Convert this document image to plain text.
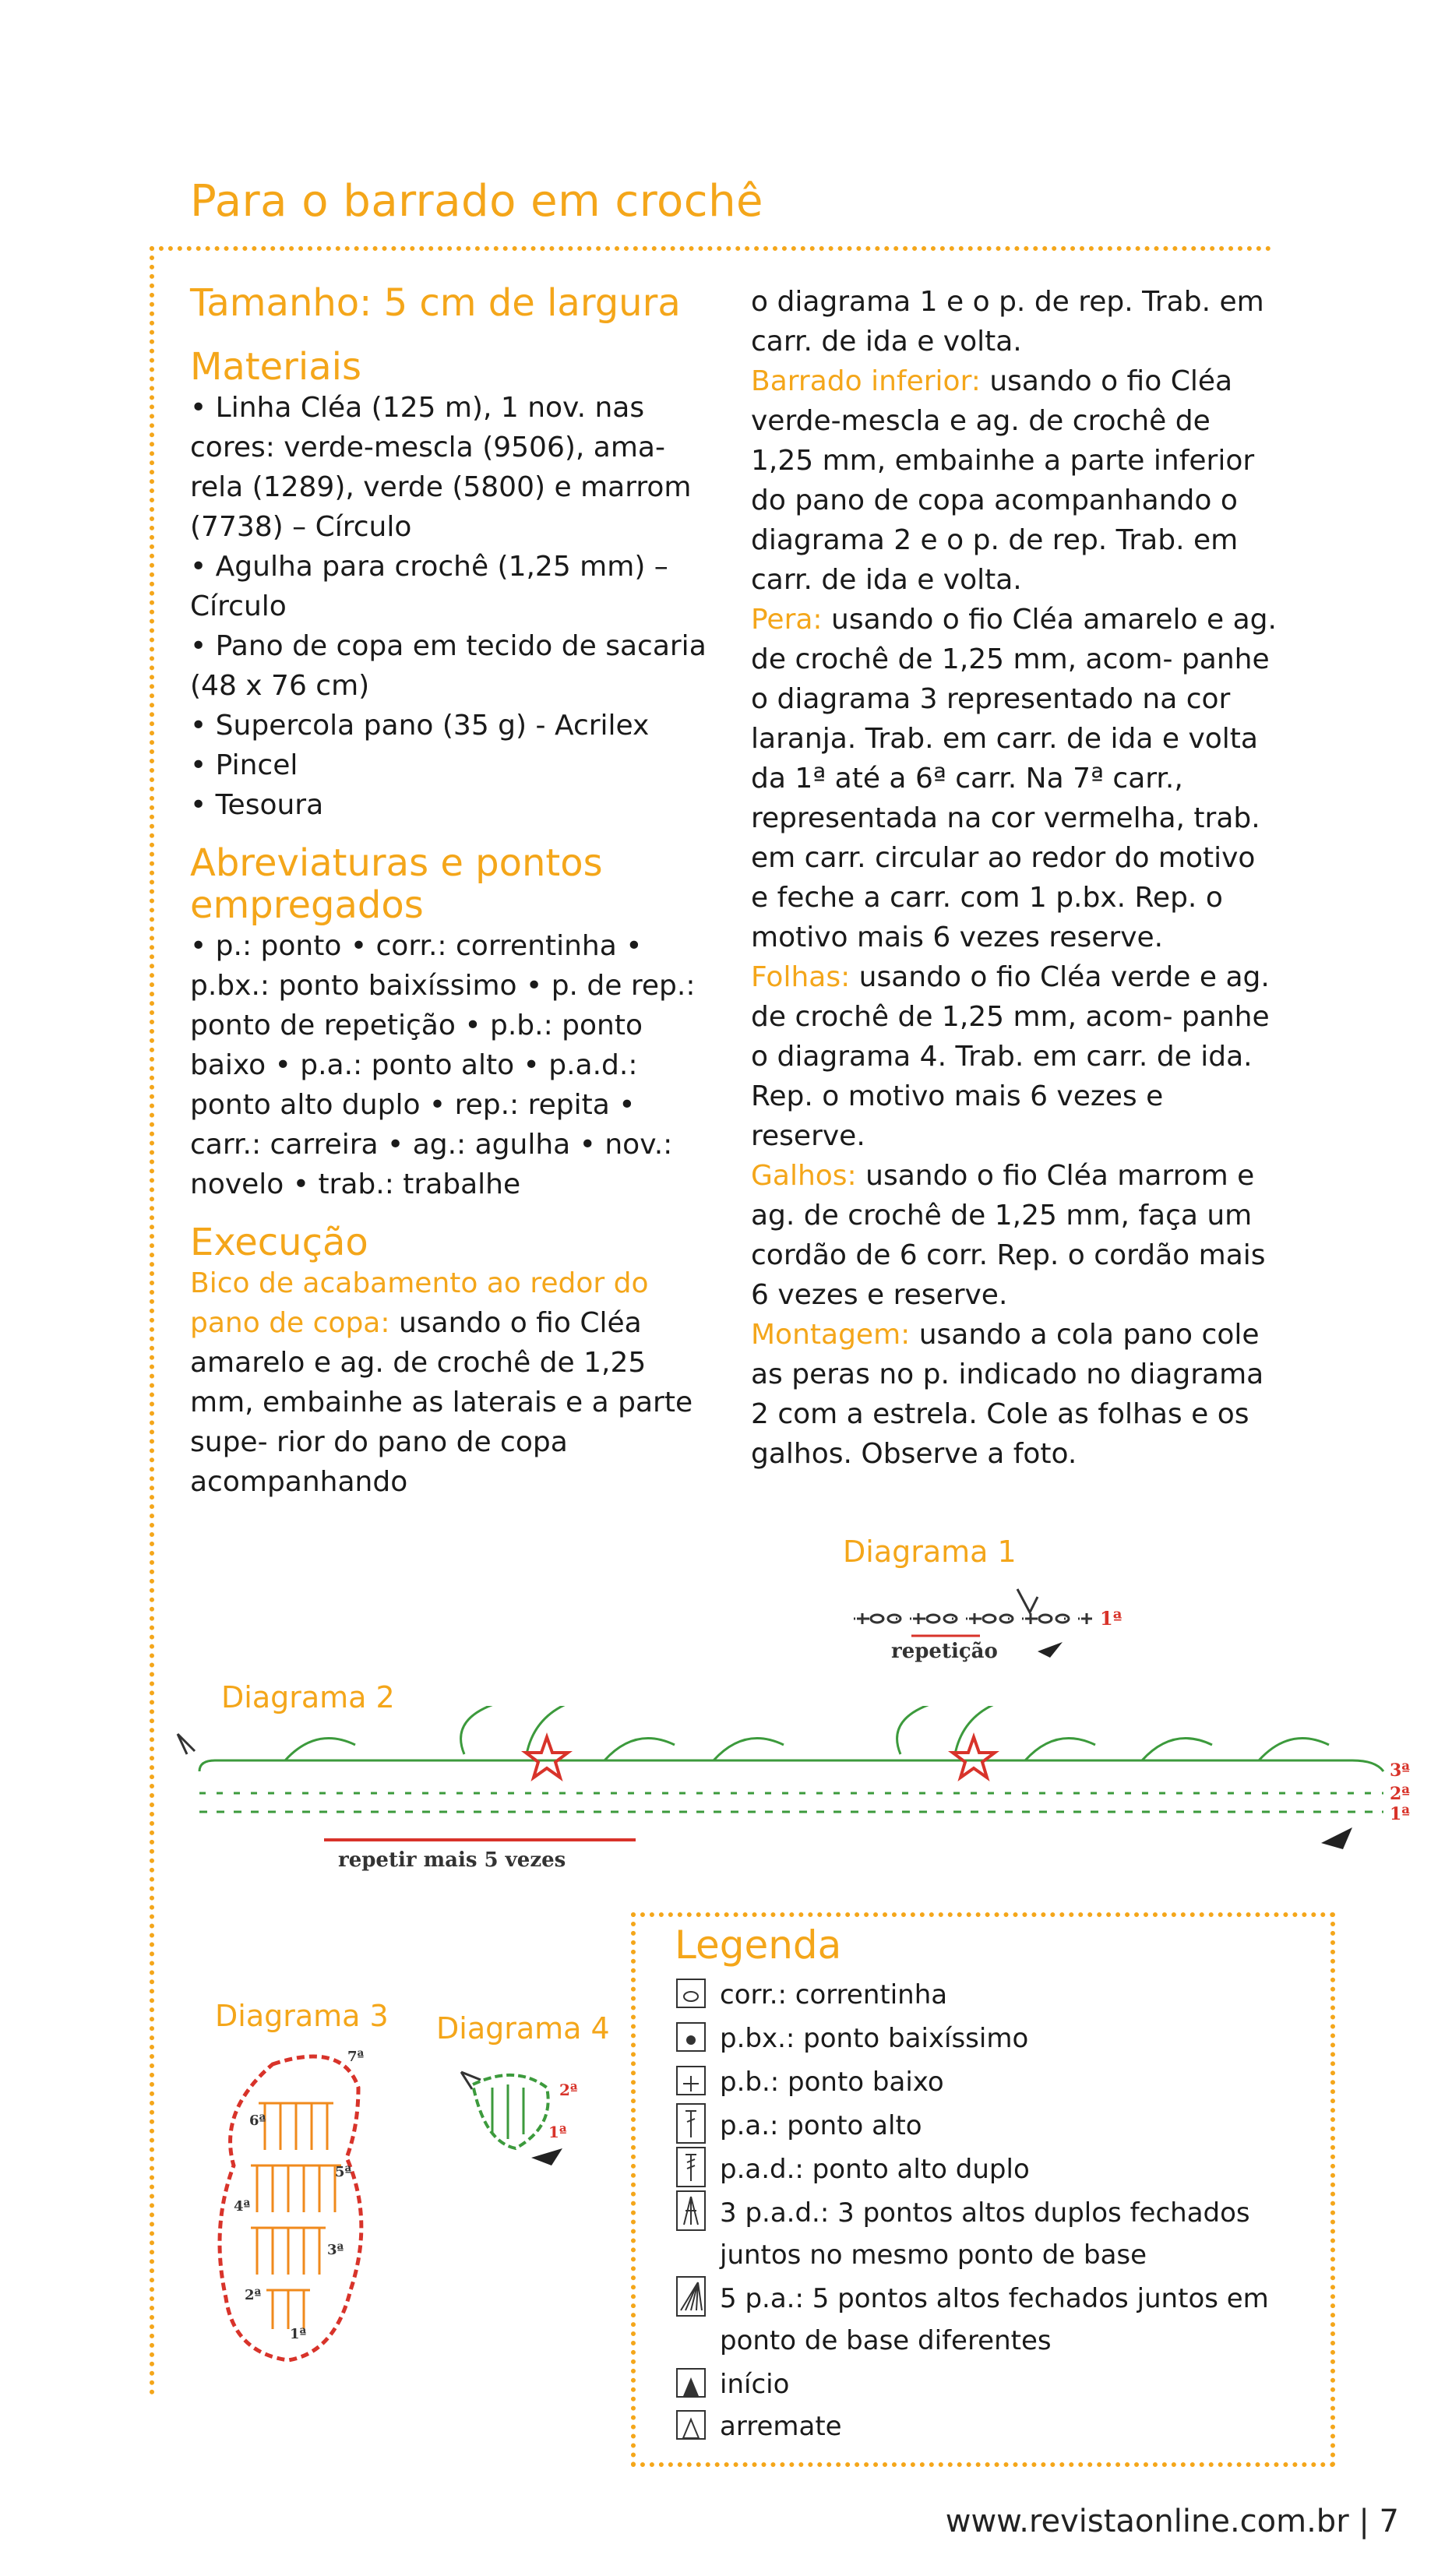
Para o barrado em crochê
Tamanho: 5 cm de largura
Materiais

• Linha Cléa (125 m), 1 nov. nas cores: verde-mescla (9506), ama- rela (1289), verde (5800) e marrom (7738) – Círculo

• Agulha para crochê (1,25 mm) – Círculo

• Pano de copa em tecido de sacaria (48 x 76 cm)

• Supercola pano (35 g) - Acrilex

• Pincel

• Tesoura

Abreviaturas e pontos empregados

• p.: ponto • corr.: correntinha • p.bx.: ponto baixíssimo • p. de rep.: ponto de repetição • p.b.: ponto baixo • p.a.: ponto alto • p.a.d.: ponto alto duplo • rep.: repita • carr.: carreira • ag.: agulha • nov.: novelo • trab.: trabalhe

Execução

Bico de acabamento ao redor do pano de copa: usando o fio Cléa amarelo e ag. de crochê de 1,25 mm, embainhe as laterais e a parte supe- rior do pano de copa acompanhando

o diagrama 1 e o p. de rep. Trab. em carr. de ida e volta.

Barrado inferior: usando o fio Cléa verde-mescla e ag. de crochê de 1,25 mm, embainhe a parte inferior do pano de copa acompanhando o diagrama 2 e o p. de rep. Trab. em carr. de ida e volta.

Pera: usando o fio Cléa amarelo e ag. de crochê de 1,25 mm, acom- panhe o diagrama 3 representado na cor laranja. Trab. em carr. de ida e volta da 1ª até a 6ª carr. Na 7ª carr., representada na cor vermelha, trab. em carr. circular ao redor do motivo e feche a carr. com 1 p.bx. Rep. o motivo mais 6 vezes reserve.

Folhas: usando o fio Cléa verde e ag. de crochê de 1,25 mm, acom- panhe o diagrama 4. Trab. em carr. de ida. Rep. o motivo mais 6 vezes e reserve.

Galhos: usando o fio Cléa marrom e ag. de crochê de 1,25 mm, faça um cordão de 6 corr. Rep. o cordão mais 6 vezes e reserve.

Montagem: usando a cola pano cole as peras no p. indicado no diagrama 2 com a estrela. Cole as folhas e os galhos. Observe a foto.

Diagrama 1
1ª
repetição
Diagrama 2
3ª
2ª
1ª
repetir mais 5 vezes
Diagrama 3
7ª
6ª
5ª
4ª
3ª
2ª
1ª
Diagrama 4
2ª
1ª
Legenda
corr.: correntinha
p.bx.: ponto baixíssimo
p.b.: ponto baixo
p.a.: ponto alto
p.a.d.: ponto alto duplo
3 p.a.d.: 3 pontos altos duplos fechados juntos no mesmo ponto de base
5 p.a.: 5 pontos altos fechados juntos em ponto de base diferentes
início
arremate
www.revistaonline.com.br | 7
